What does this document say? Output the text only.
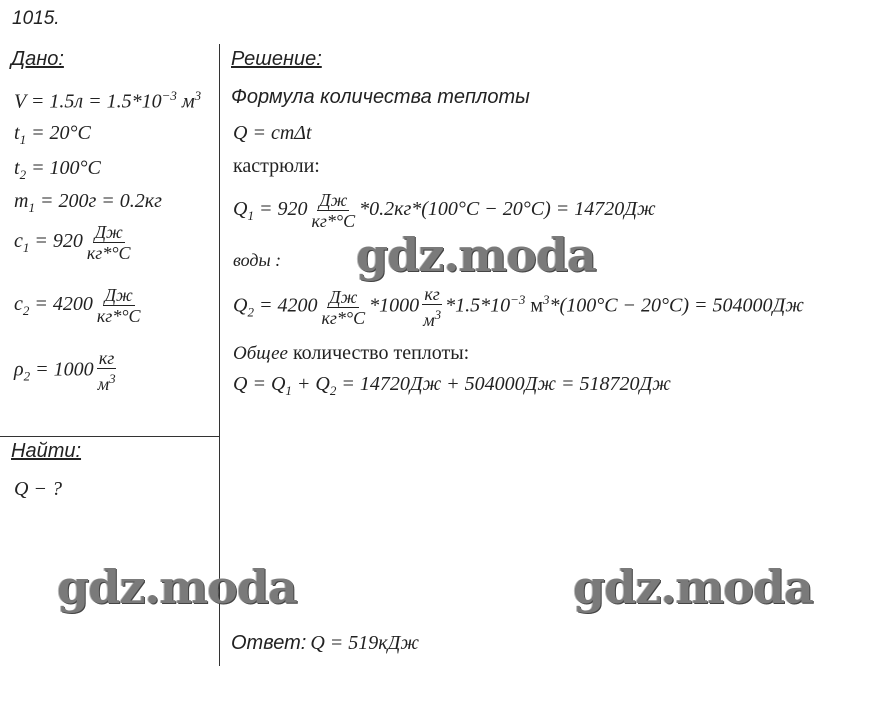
1015.
Дано:
$V = 1.5л = 1.5*10^{-3}$ $м^3$
$t_1 = 20^\circ C$
$t_2 = 100^\circ C$
$m_1 = 200г = 0.2кг$
$c_1 = 920 \frac{Дж}{кг*^\circ C}$
$c_2 = 4200 \frac{Дж}{кг*^\circ C}$
$\rho_2 = 1000 \frac{кг}{м^3}$
Найти:
Q − ?
Решение:
Формула количества теплоты
Q = cmΔt
кастрюли:
$Q_1 = 920 \frac{Дж}{кг*^\circ C} *0.2кг*(100^\circ C - 20^\circ C) = 14720Дж$
воды :
$Q_2 = 4200 \frac{Дж}{кг*^\circ C} *1000 \frac{кг}{м^3} *1.5*10^{-3}$ $м^3*(100^\circ C - 20^\circ C) = 504000Дж$
Общее количество теплоты:
$Q = Q_1 + Q_2 = 14720Дж + 504000Дж = 518720Дж$
Ответ: Q = 519кДж
gdz.moda
gdz.moda	gdz.moda
